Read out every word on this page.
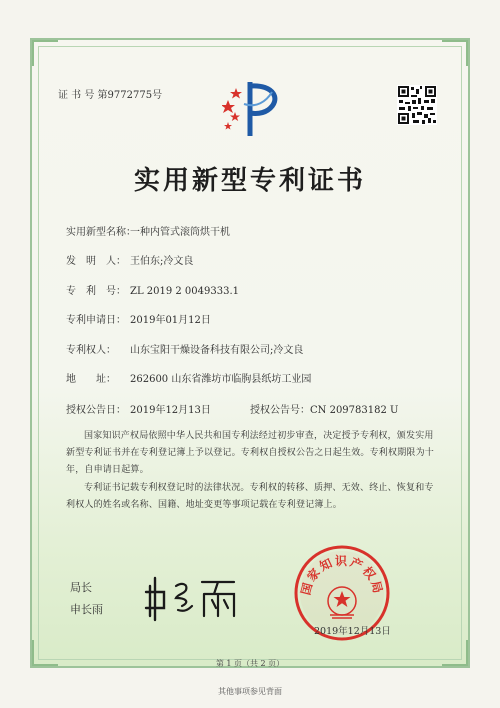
证 书 号 第9772775号
实用新型专利证书
实用新型名称：一种内管式滚筒烘干机
发　明　人： 王伯东;冷文良
专　利　号： ZL 2019 2 0049333.1
专利申请日： 2019年01月12日
专利权人： 山东宝阳干燥设备科技有限公司;冷文良
地　　址： 262600 山东省潍坊市临朐县纸坊工业园
授权公告日： 2019年12月13日	授权公告号：CN 209783182 U
国家知识产权局依照中华人民共和国专利法经过初步审查，决定授予专利权，颁发实用新型专利证书并在专利登记簿上予以登记。专利权自授权公告之日起生效。专利权期限为十年，自申请日起算。
专利证书记载专利权登记时的法律状况。专利权的转移、质押、无效、终止、恢复和专利权人的姓名或名称、国籍、地址变更等事项记载在专利登记簿上。
局长
申长雨
国家知识产权局
2019年12月13日
第 1 页（共 2 页）
其他事项参见背面
